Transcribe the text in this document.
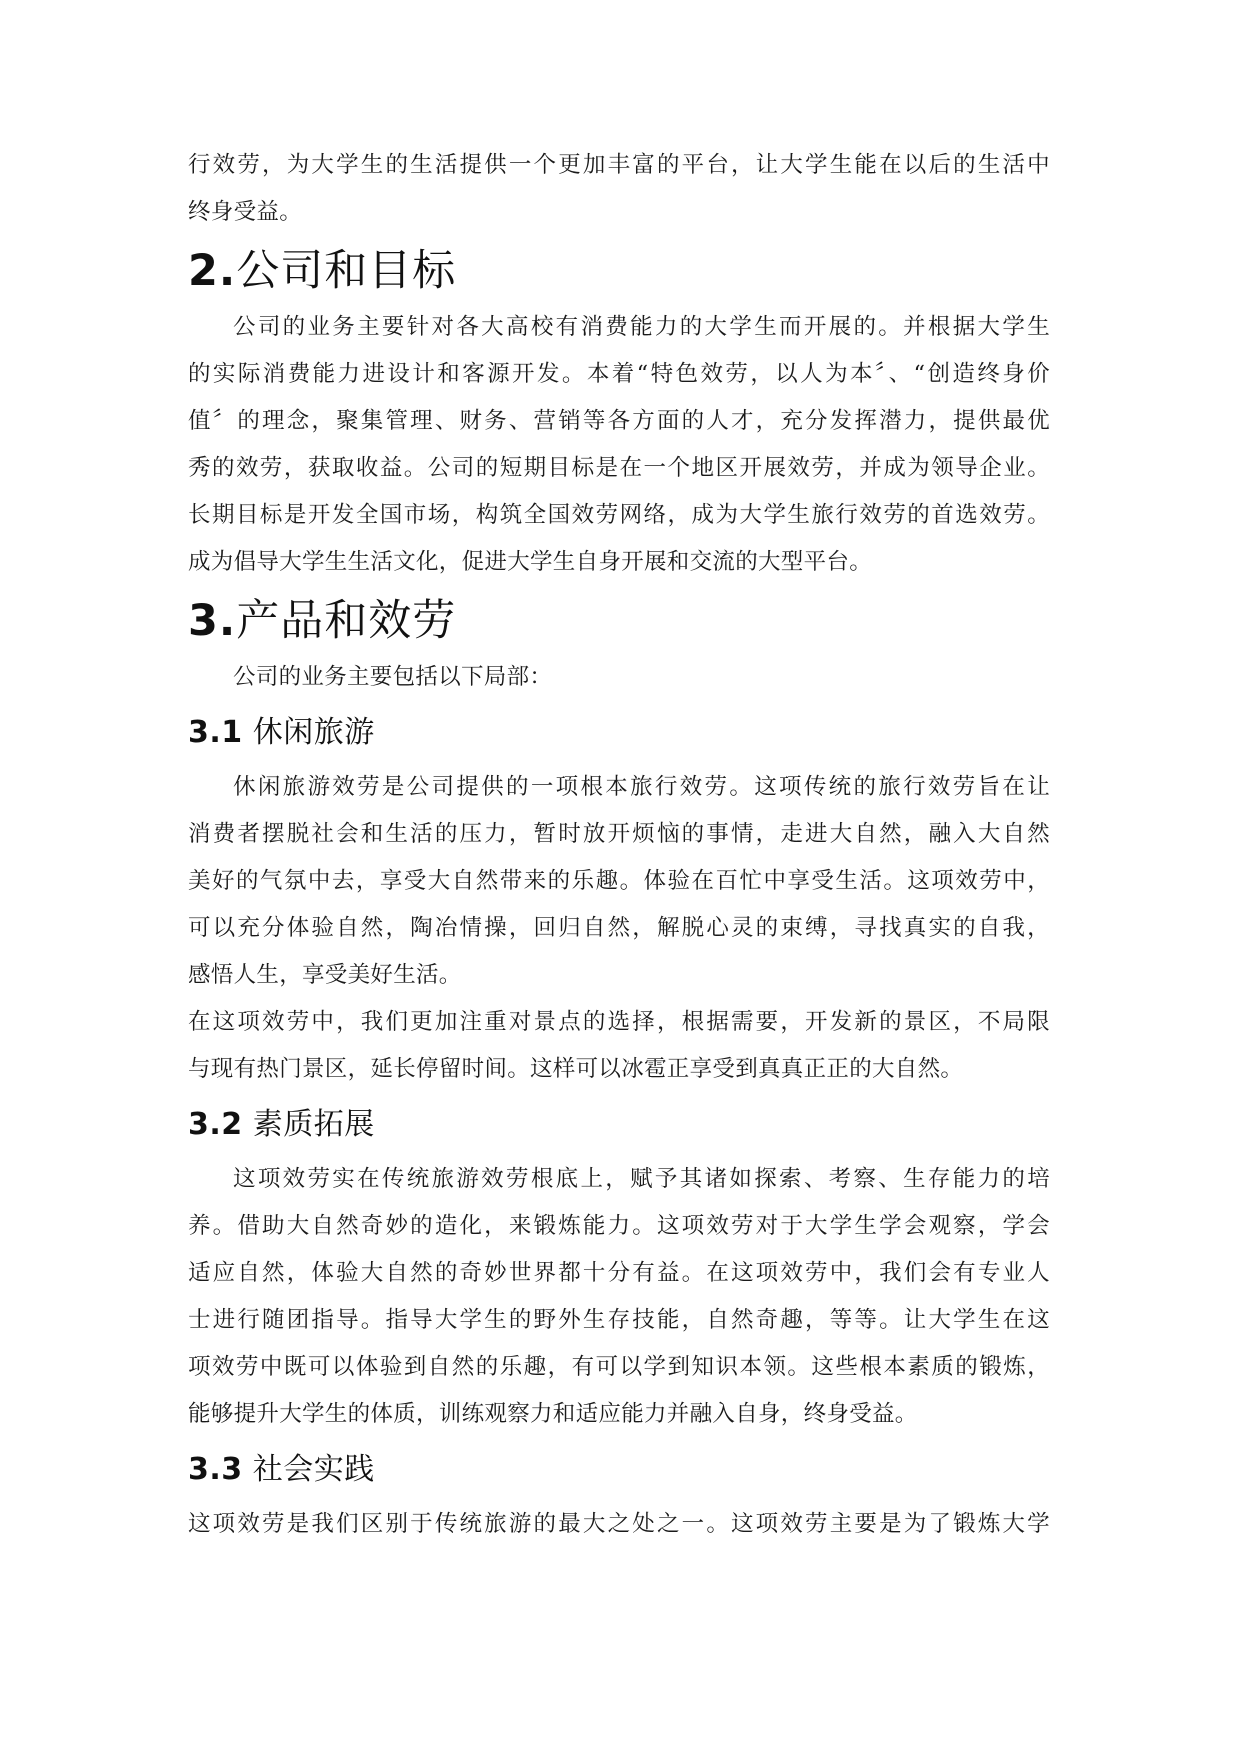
行效劳，为大学生的生活提供一个更加丰富的平台，让大学生能在以后的生活中
终身受益。
2.公司和目标
公司的业务主要针对各大高校有消费能力的大学生而开展的。并根据大学生
的实际消费能力进设计和客源开发。本着“特色效劳，以人为本〞、“创造终身价
值〞的理念，聚集管理、财务、营销等各方面的人才，充分发挥潜力，提供最优
秀的效劳，获取收益。公司的短期目标是在一个地区开展效劳，并成为领导企业。
长期目标是开发全国市场，构筑全国效劳网络，成为大学生旅行效劳的首选效劳。
成为倡导大学生生活文化，促进大学生自身开展和交流的大型平台。
3.产品和效劳
公司的业务主要包括以下局部：
3.1 休闲旅游
休闲旅游效劳是公司提供的一项根本旅行效劳。这项传统的旅行效劳旨在让
消费者摆脱社会和生活的压力，暂时放开烦恼的事情，走进大自然，融入大自然
美好的气氛中去，享受大自然带来的乐趣。体验在百忙中享受生活。这项效劳中，
可以充分体验自然，陶冶情操，回归自然，解脱心灵的束缚，寻找真实的自我，
感悟人生，享受美好生活。
在这项效劳中，我们更加注重对景点的选择，根据需要，开发新的景区，不局限
与现有热门景区，延长停留时间。这样可以冰雹正享受到真真正正的大自然。
3.2 素质拓展
这项效劳实在传统旅游效劳根底上，赋予其诸如探索、考察、生存能力的培
养。借助大自然奇妙的造化，来锻炼能力。这项效劳对于大学生学会观察，学会
适应自然，体验大自然的奇妙世界都十分有益。在这项效劳中，我们会有专业人
士进行随团指导。指导大学生的野外生存技能，自然奇趣，等等。让大学生在这
项效劳中既可以体验到自然的乐趣，有可以学到知识本领。这些根本素质的锻炼，
能够提升大学生的体质，训练观察力和适应能力并融入自身，终身受益。
3.3 社会实践
这项效劳是我们区别于传统旅游的最大之处之一。这项效劳主要是为了锻炼大学
